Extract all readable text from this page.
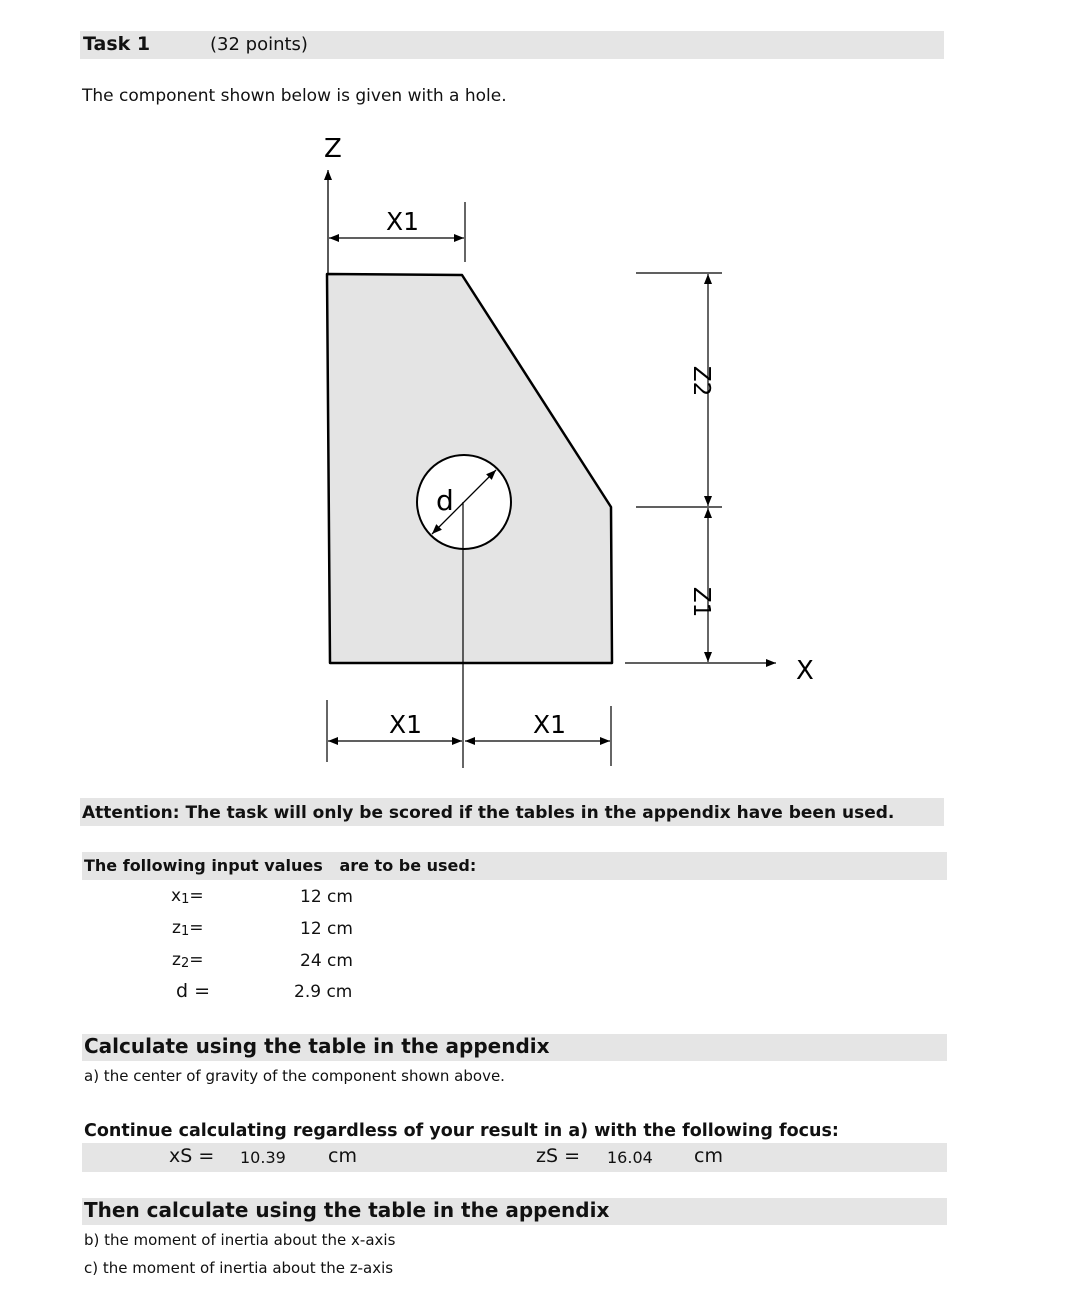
Task 1	(32 points)
The component shown below is given with a hole.
Z
X
X1
X1	X1
d
Z2
Z1
Attention: The task will only be scored if the tables in the appendix have been used.
The following input values   are to be used:
x1=	12 cm
z1=	12 cm
z2=	24 cm
d =	2.9 cm
Calculate using the table in the appendix
a) the center of gravity of the component shown above.
Continue calculating regardless of your result in a) with the following focus:
xS = 10.39 cm	zS = 16.04 cm
Then calculate using the table in the appendix
b) the moment of inertia about the x-axis
c) the moment of inertia about the z-axis
